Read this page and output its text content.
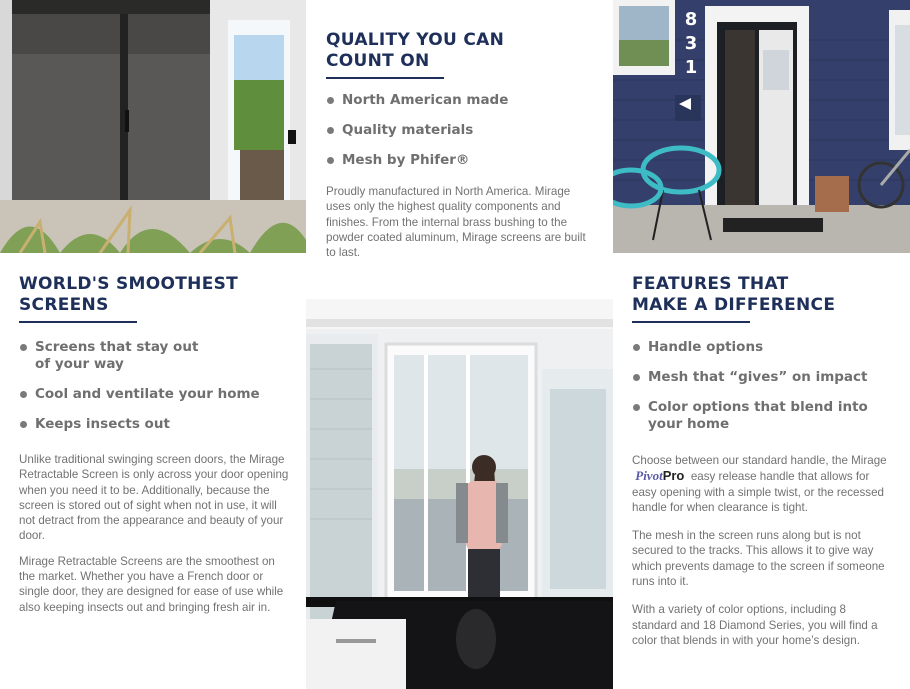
QUALITY YOU CAN
COUNT ON
North American made
Quality materials
Mesh by Phifer®

Proudly manufactured in North America. Mirage uses only the highest quality components and finishes. From the internal brass bushing to the powder coated aluminum, Mirage screens are built to last.

8
3
1
WORLD'S SMOOTHEST
SCREENS
Screens that stay out
of your way
Cool and ventilate your home
Keeps insects out

Unlike traditional swinging screen doors, the Mirage Retractable Screen is only across your door opening when you need it to be. Additionally, because the screen is stored out of sight when not in use, it will not detract from the appearance and beauty of your door.

Mirage Retractable Screens are the smoothest on the market. Whether you have a French door or single door, they are designed for ease of use while also keeping insects out and bringing fresh air in.

FEATURES THAT
MAKE A DIFFERENCE
Handle options
Mesh that “gives” on impact
Color options that blend into
your home

Choose between our standard handle, the Mirage  PivotPro easy release handle that allows for easy opening with a simple twist, or the recessed handle for when clearance is tight.

The mesh in the screen runs along but is not secured to the tracks. This allows it to give way which prevents damage to the screen if someone runs into it.

With a variety of color options, including 8 standard and 18 Diamond Series, you will find a color that blends in with your home’s design.
